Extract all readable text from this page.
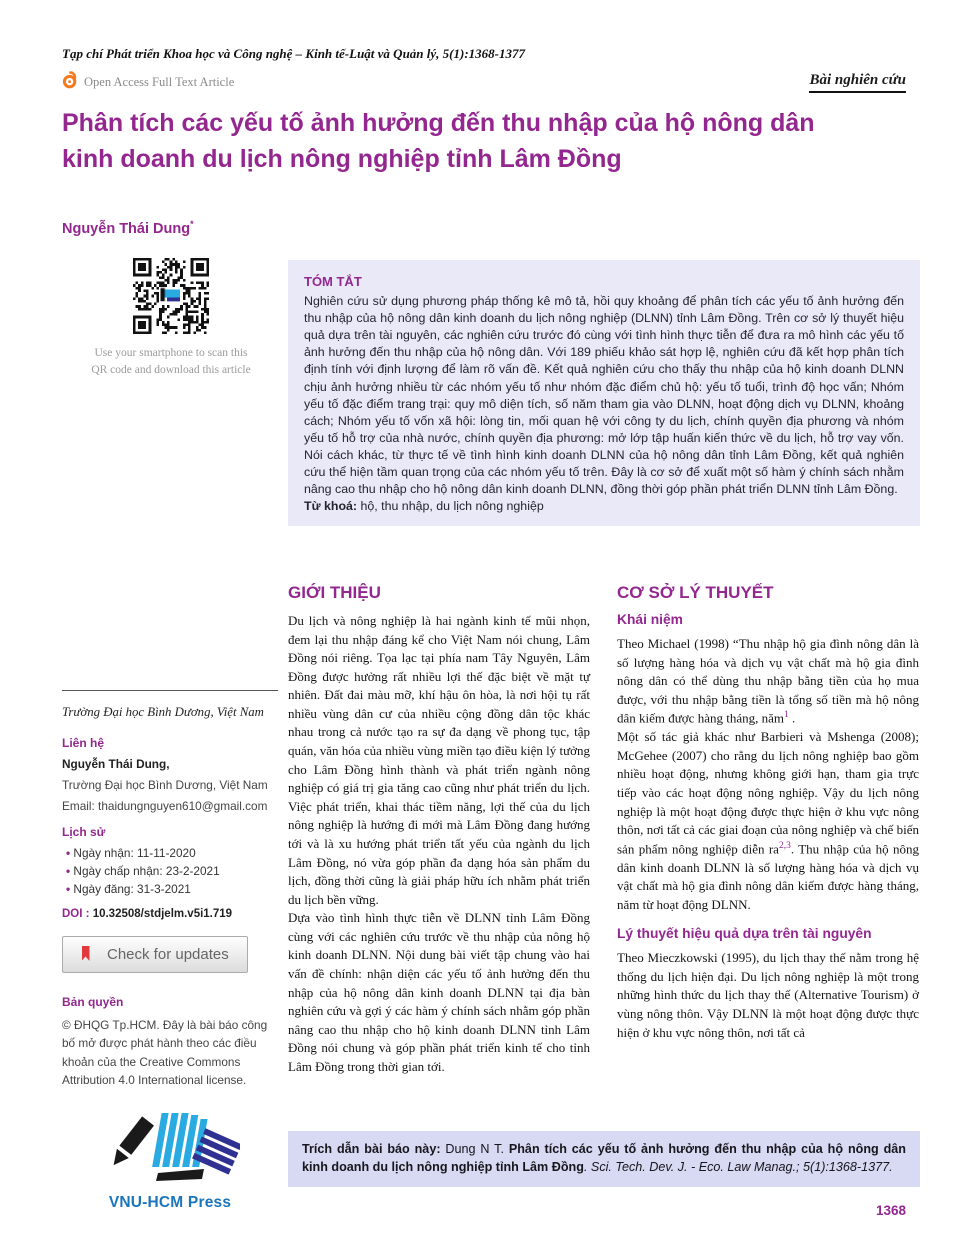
Tạp chí Phát triển Khoa học và Công nghệ – Kinh tế-Luật và Quản lý, 5(1):1368-1377
Open Access Full Text Article	Bài nghiên cứu
Phân tích các yếu tố ảnh hưởng đến thu nhập của hộ nông dân
kinh doanh du lịch nông nghiệp tỉnh Lâm Đồng
Nguyễn Thái Dung*
Use your smartphone to scan this
QR code and download this article
TÓM TẮT
Nghiên cứu sử dụng phương pháp thống kê mô tả, hồi quy khoảng để phân tích các yếu tố ảnh hưởng đến thu nhập của hộ nông dân kinh doanh du lịch nông nghiệp (DLNN) tỉnh Lâm Đồng. Trên cơ sở lý thuyết hiệu quả dựa trên tài nguyên, các nghiên cứu trước đó cùng với tình hình thực tiễn để đưa ra mô hình các yếu tố ảnh hưởng đến thu nhập của hộ nông dân. Với 189 phiếu khảo sát hợp lệ, nghiên cứu đã kết hợp phân tích định tính với định lượng để làm rõ vấn đề. Kết quả nghiên cứu cho thấy thu nhập của hộ kinh doanh DLNN chịu ảnh hưởng nhiều từ các nhóm yếu tố như nhóm đặc điểm chủ hộ: yếu tố tuổi, trình độ học vấn; Nhóm yếu tố đặc điểm trang trại: quy mô diện tích, số năm tham gia vào DLNN, hoạt động dịch vụ DLNN, khoảng cách; Nhóm yếu tố vốn xã hội: lòng tin, mối quan hệ với công ty du lịch, chính quyền địa phương và nhóm yếu tố hỗ trợ của nhà nước, chính quyền địa phương: mở lớp tập huấn kiến thức về du lịch, hỗ trợ vay vốn. Nói cách khác, từ thực tế về tình hình kinh doanh DLNN của hộ nông dân tỉnh Lâm Đồng, kết quả nghiên cứu thể hiện tầm quan trọng của các nhóm yếu tố trên. Đây là cơ sở để xuất một số hàm ý chính sách nhằm nâng cao thu nhập cho hộ nông dân kinh doanh DLNN, đồng thời góp phần phát triển DLNN tỉnh Lâm Đồng.
Từ khoá: hộ, thu nhập, du lịch nông nghiệp
Trường Đại học Bình Dương, Việt Nam
Liên hệ
Nguyễn Thái Dung,
Trường Đại học Bình Dương, Việt Nam
Email: thaidungnguyen610@gmail.com
Lịch sử
• Ngày nhận: 11-11-2020
• Ngày chấp nhận: 23-2-2021
• Ngày đăng: 31-3-2021
DOI : 10.32508/stdjelm.v5i1.719
Check for updates
Bản quyền
© ĐHQG Tp.HCM. Đây là bài báo công bố mở được phát hành theo các điều khoản của the Creative Commons Attribution 4.0 International license.
VNU-HCM Press
GIỚI THIỆU

Du lịch và nông nghiệp là hai ngành kinh tế mũi nhọn, đem lại thu nhập đáng kể cho Việt Nam nói chung, Lâm Đồng nói riêng. Tọa lạc tại phía nam Tây Nguyên, Lâm Đồng được hưởng rất nhiều lợi thế đặc biệt về mặt tự nhiên. Đất đai màu mỡ, khí hậu ôn hòa, là nơi hội tụ rất nhiều vùng dân cư của nhiều cộng đồng dân tộc khác nhau trong cả nước tạo ra sự đa dạng về phong tục, tập quán, văn hóa của nhiều vùng miền tạo điều kiện lý tưởng cho Lâm Đồng hình thành và phát triển ngành nông nghiệp có giá trị gia tăng cao cũng như phát triển du lịch. Việc phát triển, khai thác tiềm năng, lợi thế của du lịch nông nghiệp là hướng đi mới mà Lâm Đồng đang hướng tới và là xu hướng phát triển tất yếu của ngành du lịch Lâm Đồng, nó vừa góp phần đa dạng hóa sản phẩm du lịch, đồng thời cũng là giải pháp hữu ích nhằm phát triển du lịch bền vững.

Dựa vào tình hình thực tiễn về DLNN tỉnh Lâm Đồng cùng với các nghiên cứu trước về thu nhập của nông hộ kinh doanh DLNN. Nội dung bài viết tập chung vào hai vấn đề chính: nhận diện các yếu tố ảnh hưởng đến thu nhập của hộ nông dân kinh doanh DLNN tại địa bàn nghiên cứu và gợi ý các hàm ý chính sách nhằm góp phần nâng cao thu nhập cho hộ kinh doanh DLNN tỉnh Lâm Đồng nói chung và góp phần phát triển kinh tế cho tỉnh Lâm Đồng trong thời gian tới.

CƠ SỞ LÝ THUYẾT
Khái niệm

Theo Michael (1998) “Thu nhập hộ gia đình nông dân là số lượng hàng hóa và dịch vụ vật chất mà hộ gia đình nông dân có thể dùng thu nhập bằng tiền của họ mua được, với thu nhập bằng tiền là tổng số tiền mà hộ nông dân kiếm được hàng tháng, năm$^1$ .

Một số tác giả khác như Barbieri và Mshenga (2008); McGehee (2007) cho rằng du lịch nông nghiệp bao gồm nhiều hoạt động, nhưng không giới hạn, tham gia trực tiếp vào các hoạt động nông nghiệp. Vậy du lịch nông nghiệp là một hoạt động được thực hiện ở khu vực nông thôn, nơi tất cả các giai đoạn của nông nghiệp và chế biến sản phẩm nông nghiệp diễn ra$^{2,3}$. Thu nhập của hộ nông dân kinh doanh DLNN là số lượng hàng hóa và dịch vụ vật chất mà hộ gia đình nông dân kiếm được hàng tháng, năm từ hoạt động DLNN.

Lý thuyết hiệu quả dựa trên tài nguyên

Theo Mieczkowski (1995), du lịch thay thế nằm trong hệ thống du lịch hiện đại. Du lịch nông nghiệp là một trong những hình thức du lịch thay thế (Alternative Tourism) ở vùng nông thôn. Vậy DLNN là một hoạt động được thực hiện ở khu vực nông thôn, nơi tất cả

Trích dẫn bài báo này: Dung N T. Phân tích các yếu tố ảnh hưởng đến thu nhập của hộ nông dân kinh doanh du lịch nông nghiệp tỉnh Lâm Đồng. Sci. Tech. Dev. J. - Eco. Law Manag.; 5(1):1368-1377.
1368
